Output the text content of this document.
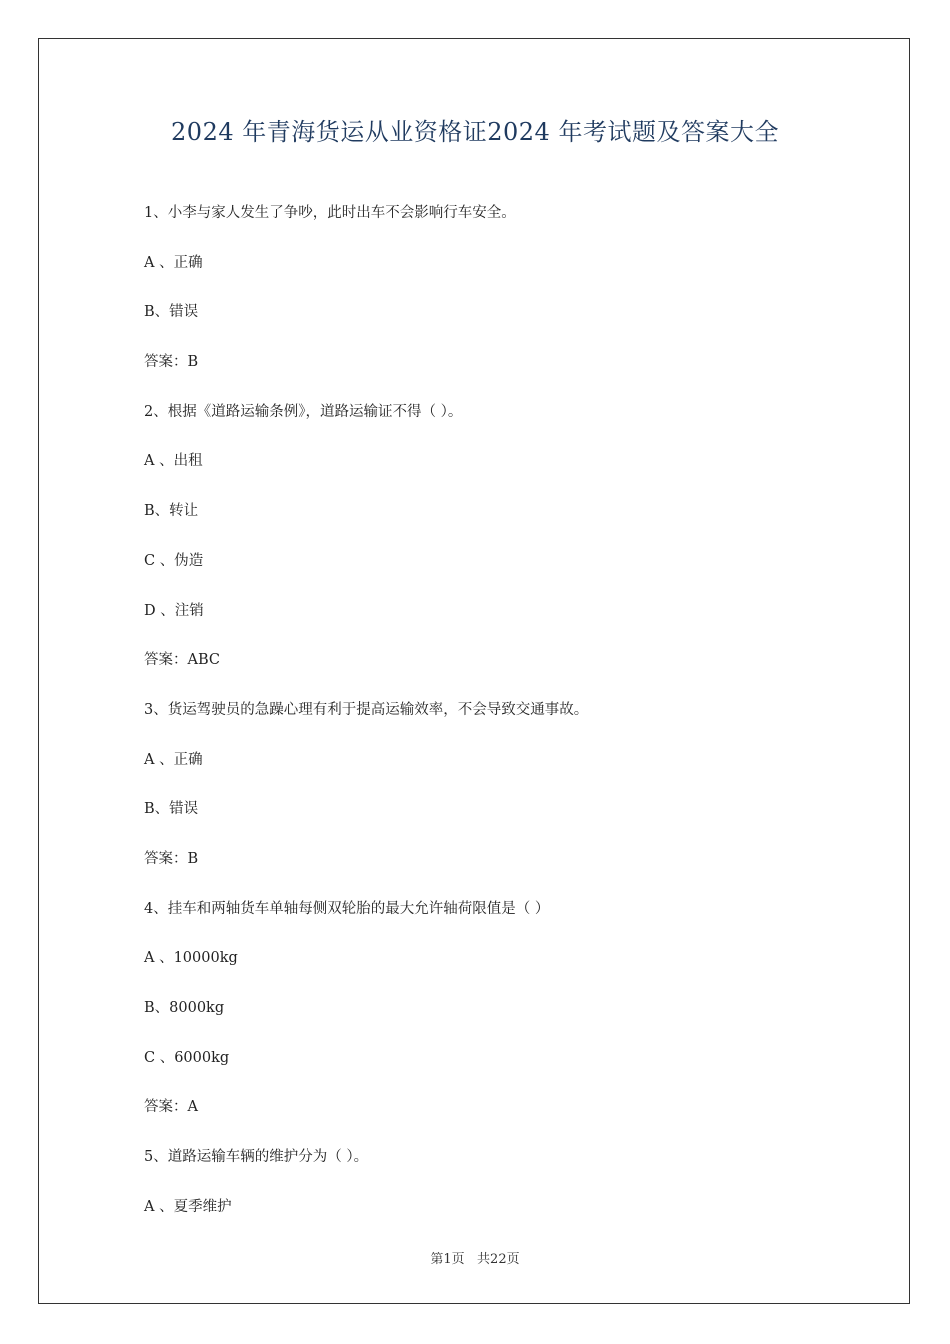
2024 年青海货运从业资格证2024 年考试题及答案大全
1、小李与家人发生了争吵，此时出车不会影响行车安全。
A 、正确
B、错误
答案：B
2、根据《道路运输条例》，道路运输证不得（ ）。
A 、出租
B、转让
C 、伪造
D 、注销
答案：ABC
3、货运驾驶员的急躁心理有利于提高运输效率，不会导致交通事故。
A 、正确
B、错误
答案：B
4、挂车和两轴货车单轴每侧双轮胎的最大允许轴荷限值是（ ）
A 、10000kg
B、8000kg
C 、6000kg
答案：A
5、道路运输车辆的维护分为（ ）。
A 、夏季维护
第1页   共22页
